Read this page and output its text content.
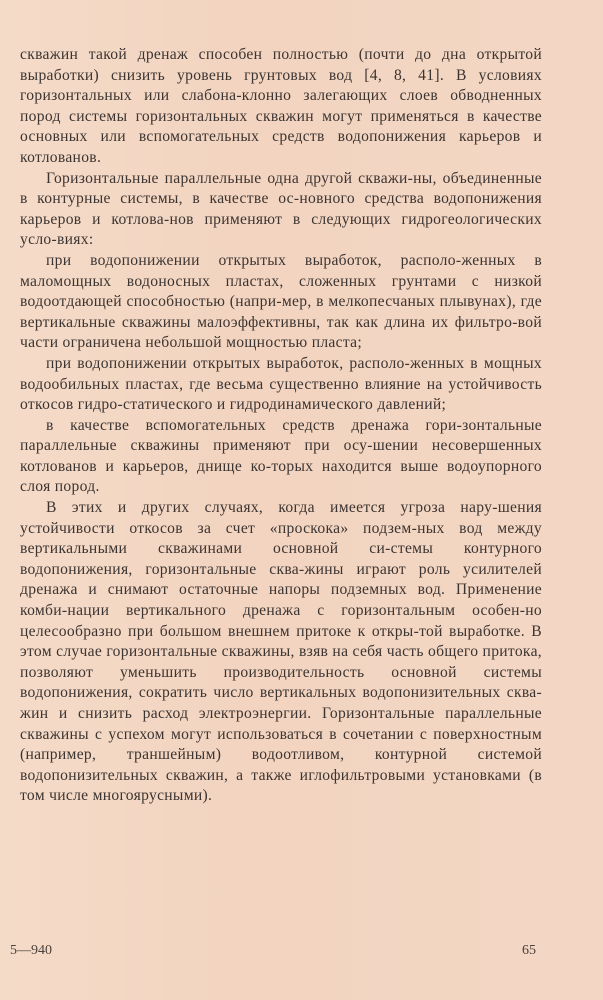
скважин такой дренаж способен полностью (почти до дна открытой выработки) снизить уровень грунтовых вод [4, 8, 41]. В условиях горизонтальных или слабона-клонно залегающих слоев обводненных пород системы горизонтальных скважин могут применяться в качестве основных или вспомогательных средств водопонижения карьеров и котлованов.

Горизонтальные параллельные одна другой скважи-ны, объединенные в контурные системы, в качестве ос-новного средства водопонижения карьеров и котлова-нов применяют в следующих гидрогеологических усло-виях:

при водопонижении открытых выработок, располо-женных в маломощных водоносных пластах, сложенных грунтами с низкой водоотдающей способностью (напри-мер, в мелкопесчаных плывунах), где вертикальные скважины малоэффективны, так как длина их фильтро-вой части ограничена небольшой мощностью пласта;

при водопонижении открытых выработок, располо-женных в мощных водообильных пластах, где весьма существенно влияние на устойчивость откосов гидро-статического и гидродинамического давлений;

в качестве вспомогательных средств дренажа гори-зонтальные параллельные скважины применяют при осу-шении несовершенных котлованов и карьеров, днище ко-торых находится выше водоупорного слоя пород.

В этих и других случаях, когда имеется угроза нару-шения устойчивости откосов за счет «проскока» подзем-ных вод между вертикальными скважинами основной си-стемы контурного водопонижения, горизонтальные сква-жины играют роль усилителей дренажа и снимают остаточные напоры подземных вод. Применение комби-нации вертикального дренажа с горизонтальным особен-но целесообразно при большом внешнем притоке к откры-той выработке. В этом случае горизонтальные скважины, взяв на себя часть общего притока, позволяют уменьшить производительность основной системы водопонижения, сократить число вертикальных водопонизительных сква-жин и снизить расход электроэнергии. Горизонтальные параллельные скважины с успехом могут использоваться в сочетании с поверхностным (например, траншейным) водоотливом, контурной системой водопонизительных скважин, а также иглофильтровыми установками (в том числе многоярусными).

5—940	65
